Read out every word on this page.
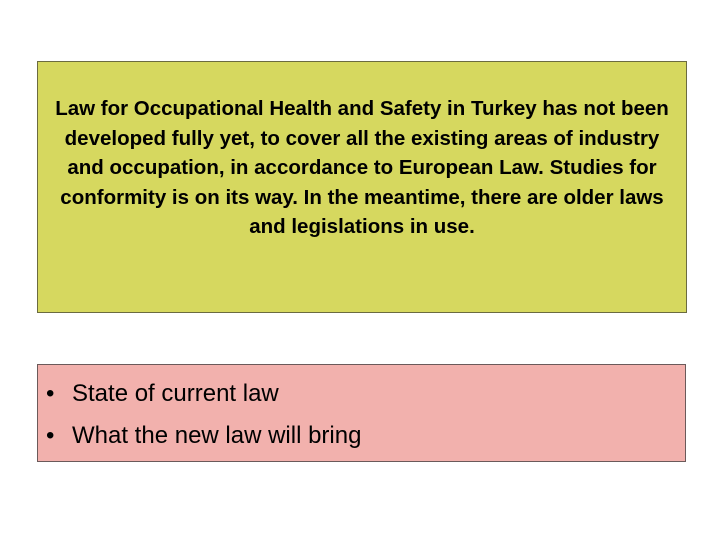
Law for Occupational Health and Safety in Turkey has not been developed fully yet, to cover all the existing areas of industry and occupation, in accordance to European Law. Studies for conformity is on its way. In the meantime, there are older laws and legislations in use.
• State of current law
• What the new law will bring
